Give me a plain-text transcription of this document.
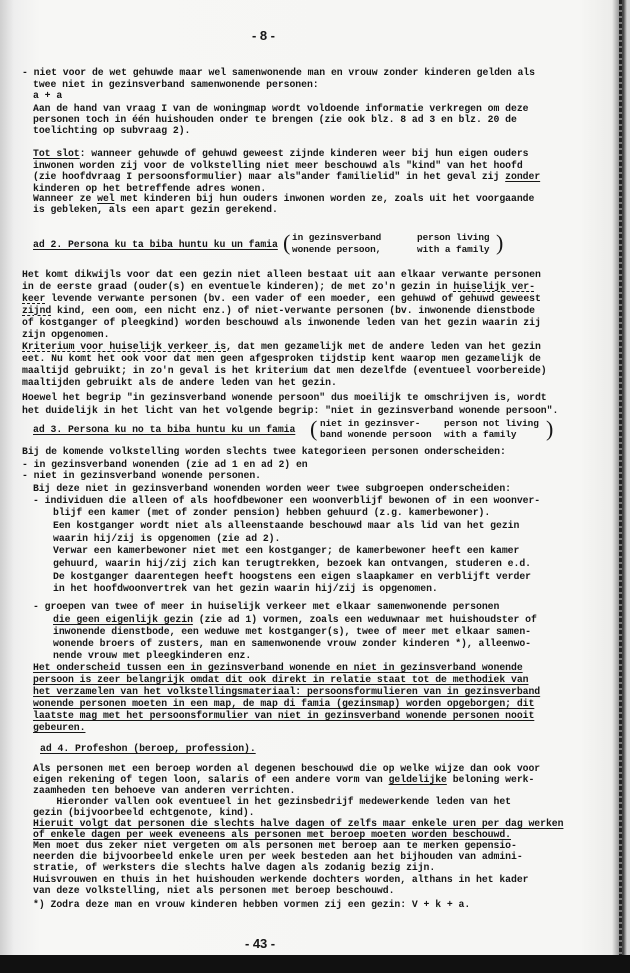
- 8 -
- niet voor de wet gehuwde maar wel samenwonende man en vrouw zonder kinderen gelden als
twee niet in gezinsverband samenwonende personen:
a + a
Aan de hand van vraag I van de woningmap wordt voldoende informatie verkregen om deze
personen toch in één huishouden onder te brengen (zie ook blz. 8 ad 3 en blz. 20 de
toelichting op subvraag 2).
Tot slot: wanneer gehuwde of gehuwd geweest zijnde kinderen weer bij hun eigen ouders
inwonen worden zij voor de volkstelling niet meer beschouwd als "kind" van het hoofd
(zie hoofdvraag I persoonsformulier) maar als"ander familielid" in het geval zij zonder
kinderen op het betreffende adres wonen.
Wanneer ze wel met kinderen bij hun ouders inwonen worden ze, zoals uit het voorgaande
is gebleken, als een apart gezin gerekend.
ad 2. Persona ku ta biba huntu ku un famia ( in gezinsverband
wonende persoon,
person living
with a family )
Het komt dikwijls voor dat een gezin niet alleen bestaat uit aan elkaar verwante personen
in de eerste graad (ouder(s) en eventuele kinderen); de met zo'n gezin in huiselijk ver-
keer levende verwante personen (bv. een vader of een moeder, een gehuwd of gehuwd geweest
zijnd kind, een oom, een nicht enz.) of niet-verwante personen (bv. inwonende dienstbode
of kostganger of pleegkind) worden beschouwd als inwonende leden van het gezin waarin zij
zijn opgenomen.
Kriterium voor huiselijk verkeer is, dat men gezamelijk met de andere leden van het gezin
eet. Nu komt het ook voor dat men geen afgesproken tijdstip kent waarop men gezamelijk de
maaltijd gebruikt; in zo'n geval is het kriterium dat men dezelfde (eventueel voorbereide)
maaltijden gebruikt als de andere leden van het gezin.
Hoewel het begrip "in gezinsverband wonende persoon" dus moeilijk te omschrijven is, wordt
het duidelijk in het licht van het volgende begrip: "niet in gezinsverband wonende persoon".
ad 3. Persona ku no ta biba huntu ku un famia ( niet in gezinsver-
band wonende persoon
person not living
with a family )
Bij de komende volkstelling worden slechts twee kategorieen personen onderscheiden:
- in gezinsverband wonenden (zie ad 1 en ad 2) en
- niet in gezinsverband wonende personen.
Bij deze niet in gezinsverband wonenden worden weer twee subgroepen onderscheiden:
- individuen die alleen of als hoofdbewoner een woonverblijf bewonen of in een woonver-
blijf een kamer (met of zonder pension) hebben gehuurd (z.g. kamerbewoner).
Een kostganger wordt niet als alleenstaande beschouwd maar als lid van het gezin
waarin hij/zij is opgenomen (zie ad 2).
Verwar een kamerbewoner niet met een kostganger; de kamerbewoner heeft een kamer
gehuurd, waarin hij/zij zich kan terugtrekken, bezoek kan ontvangen, studeren e.d.
De kostganger daarentegen heeft hoogstens een eigen slaapkamer en verblijft verder
in het hoofdwoonvertrek van het gezin waarin hij/zij is opgenomen.
- groepen van twee of meer in huiselijk verkeer met elkaar samenwonende personen
die geen eigenlijk gezin (zie ad 1) vormen, zoals een weduwnaar met huishoudster of
inwonende dienstbode, een weduwe met kostganger(s), twee of meer met elkaar samen-
wonende broers of zusters, man en samenwonende vrouw zonder kinderen *), alleenwo-
nende vrouw met pleegkinderen enz.
Het onderscheid tussen een in gezinsverband wonende en niet in gezinsverband wonende
persoon is zeer belangrijk omdat dit ook direkt in relatie staat tot de methodiek van
het verzamelen van het volkstellingsmateriaal: persoonsformulieren van in gezinsverband
wonende personen moeten in een map, de map di famia (gezinsmap) worden opgeborgen; dit
laatste mag met het persoonsformulier van niet in gezinsverband wonende personen nooit
gebeuren.
ad 4. Profeshon (beroep, profession).
Als personen met een beroep worden al degenen beschouwd die op welke wijze dan ook voor
eigen rekening of tegen loon, salaris of een andere vorm van geldelijke beloning werk-
zaamheden ten behoeve van anderen verrichten.
Hieronder vallen ook eventueel in het gezinsbedrijf medewerkende leden van het
gezin (bijvoorbeeld echtgenote, kind).
Hieruit volgt dat personen die slechts halve dagen of zelfs maar enkele uren per dag werken
of enkele dagen per week eveneens als personen met beroep moeten worden beschouwd.
Men moet dus zeker niet vergeten om als personen met beroep aan te merken gepensio-
neerden die bijvoorbeeld enkele uren per week besteden aan het bijhouden van admini-
stratie, of werksters die slechts halve dagen als zodanig bezig zijn.
Huisvrouwen en thuis in het huishouden werkende dochters worden, althans in het kader
van deze volkstelling, niet als personen met beroep beschouwd.
*) Zodra deze man en vrouw kinderen hebben vormen zij een gezin: V + k + a.
- 43 -
